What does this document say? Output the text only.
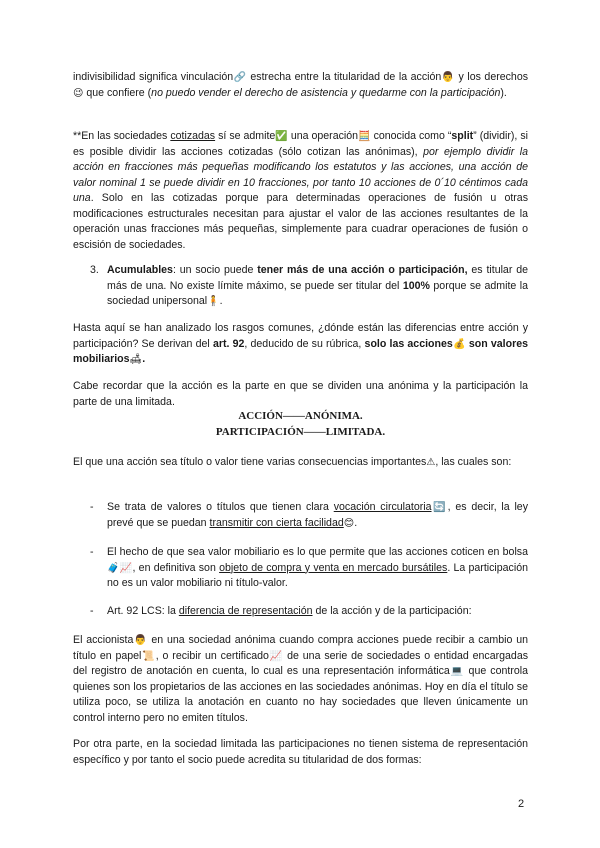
indivisibilidad significa vinculación🔗 estrecha entre la titularidad de la acción👨 y los derechos😉 que confiere (no puedo vender el derecho de asistencia y quedarme con la participación).

**En las sociedades cotizadas sí se admite✅ una operación🧮 conocida como “split” (dividir), si es posible dividir las acciones cotizadas (sólo cotizan las anónimas), por ejemplo dividir la acción en fracciones más pequeñas modificando los estatutos y las acciones, una acción de valor nominal 1 se puede dividir en 10 fracciones, por tanto 10 acciones de 0´10 céntimos cada una. Solo en las cotizadas porque para determinadas operaciones de fusión u otras modificaciones estructurales necesitan para ajustar el valor de las acciones resultantes de la operación unas fracciones más pequeñas, simplemente para cuadrar operaciones de fusión o escisión de sociedades.

3. Acumulables: un socio puede tener más de una acción o participación, es titular de más de una. No existe límite máximo, se puede ser titular del 100% porque se admite la sociedad unipersonal🧍.

Hasta aquí se han analizado los rasgos comunes, ¿dónde están las diferencias entre acción y participación? Se derivan del art. 92, deducido de su rúbrica, solo las acciones💰 son valores mobiliarios🛋.

Cabe recordar que la acción es la parte en que se dividen una anónima y la participación la parte de una limitada.

ACCIÓN——ANÓNIMA.

PARTICIPACIÓN——LIMITADA.

El que una acción sea título o valor tiene varias consecuencias importantes⚠, las cuales son:

- Se trata de valores o títulos que tienen clara vocación circulatoria🔄, es decir, la ley prevé que se puedan transmitir con cierta facilidad😊.

- El hecho de que sea valor mobiliario es lo que permite que las acciones coticen en bolsa🧳📈, en definitiva son objeto de compra y venta en mercado bursátiles. La participación no es un valor mobiliario ni título-valor.

- Art. 92 LCS: la diferencia de representación de la acción y de la participación:

El accionista👨 en una sociedad anónima cuando compra acciones puede recibir a cambio un título en papel📜, o recibir un certificado📈 de una serie de sociedades o entidad encargadas del registro de anotación en cuenta, lo cual es una representación informática💻 que controla quienes son los propietarios de las acciones en las sociedades anónimas. Hoy en día el título se utiliza poco, se utiliza la anotación en cuanto no hay sociedades que lleven únicamente un control interno pero no emiten títulos.

Por otra parte, en la sociedad limitada las participaciones no tienen sistema de representación específico y por tanto el socio puede acredita su titularidad de dos formas:

2
